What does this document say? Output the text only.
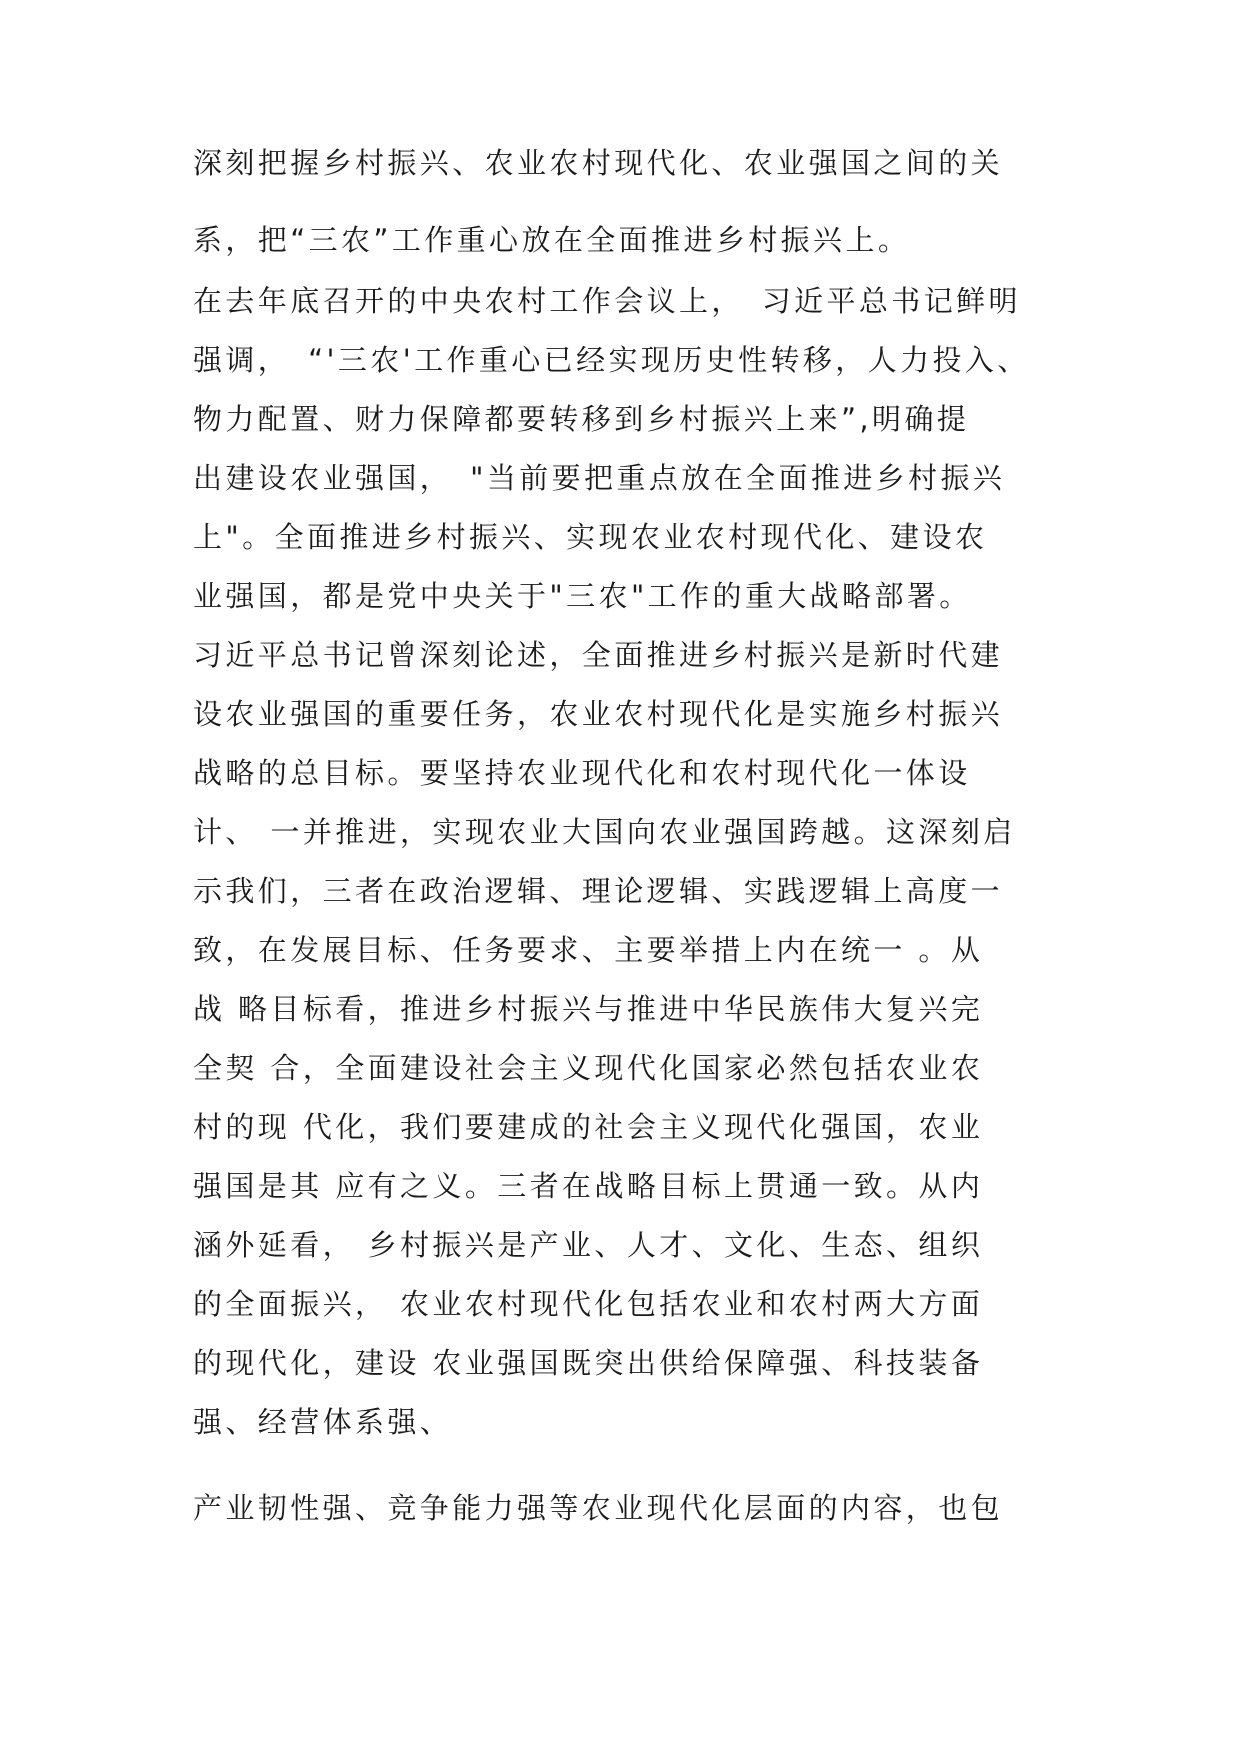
深刻把握乡村振兴、农业农村现代化、农业强国之间的关

系，把“三农”工作重心放在全面推进乡村振兴上。

在去年底召开的中央农村工作会议上，　习近平总书记鲜明

强调，　“'三农'工作重心已经实现历史性转移，人力投入、

物力配置、财力保障都要转移到乡村振兴上来”,明确提

出建设农业强国，　"当前要把重点放在全面推进乡村振兴

上"。全面推进乡村振兴、实现农业农村现代化、建设农

业强国，都是党中央关于"三农"工作的重大战略部署。

习近平总书记曾深刻论述，全面推进乡村振兴是新时代建

设农业强国的重要任务，农业农村现代化是实施乡村振兴

战略的总目标。要坚持农业现代化和农村现代化一体设

计、 一并推进，实现农业大国向农业强国跨越。这深刻启

示我们，三者在政治逻辑、理论逻辑、实践逻辑上高度一

致，在发展目标、任务要求、主要举措上内在统一 。从

战 略目标看，推进乡村振兴与推进中华民族伟大复兴完

全契 合，全面建设社会主义现代化国家必然包括农业农

村的现 代化，我们要建成的社会主义现代化强国，农业

强国是其 应有之义。三者在战略目标上贯通一致。从内

涵外延看， 乡村振兴是产业、人才、文化、生态、组织

的全面振兴， 农业农村现代化包括农业和农村两大方面

的现代化，建设 农业强国既突出供给保障强、科技装备

强、经营体系强、

产业韧性强、竞争能力强等农业现代化层面的内容，也包
